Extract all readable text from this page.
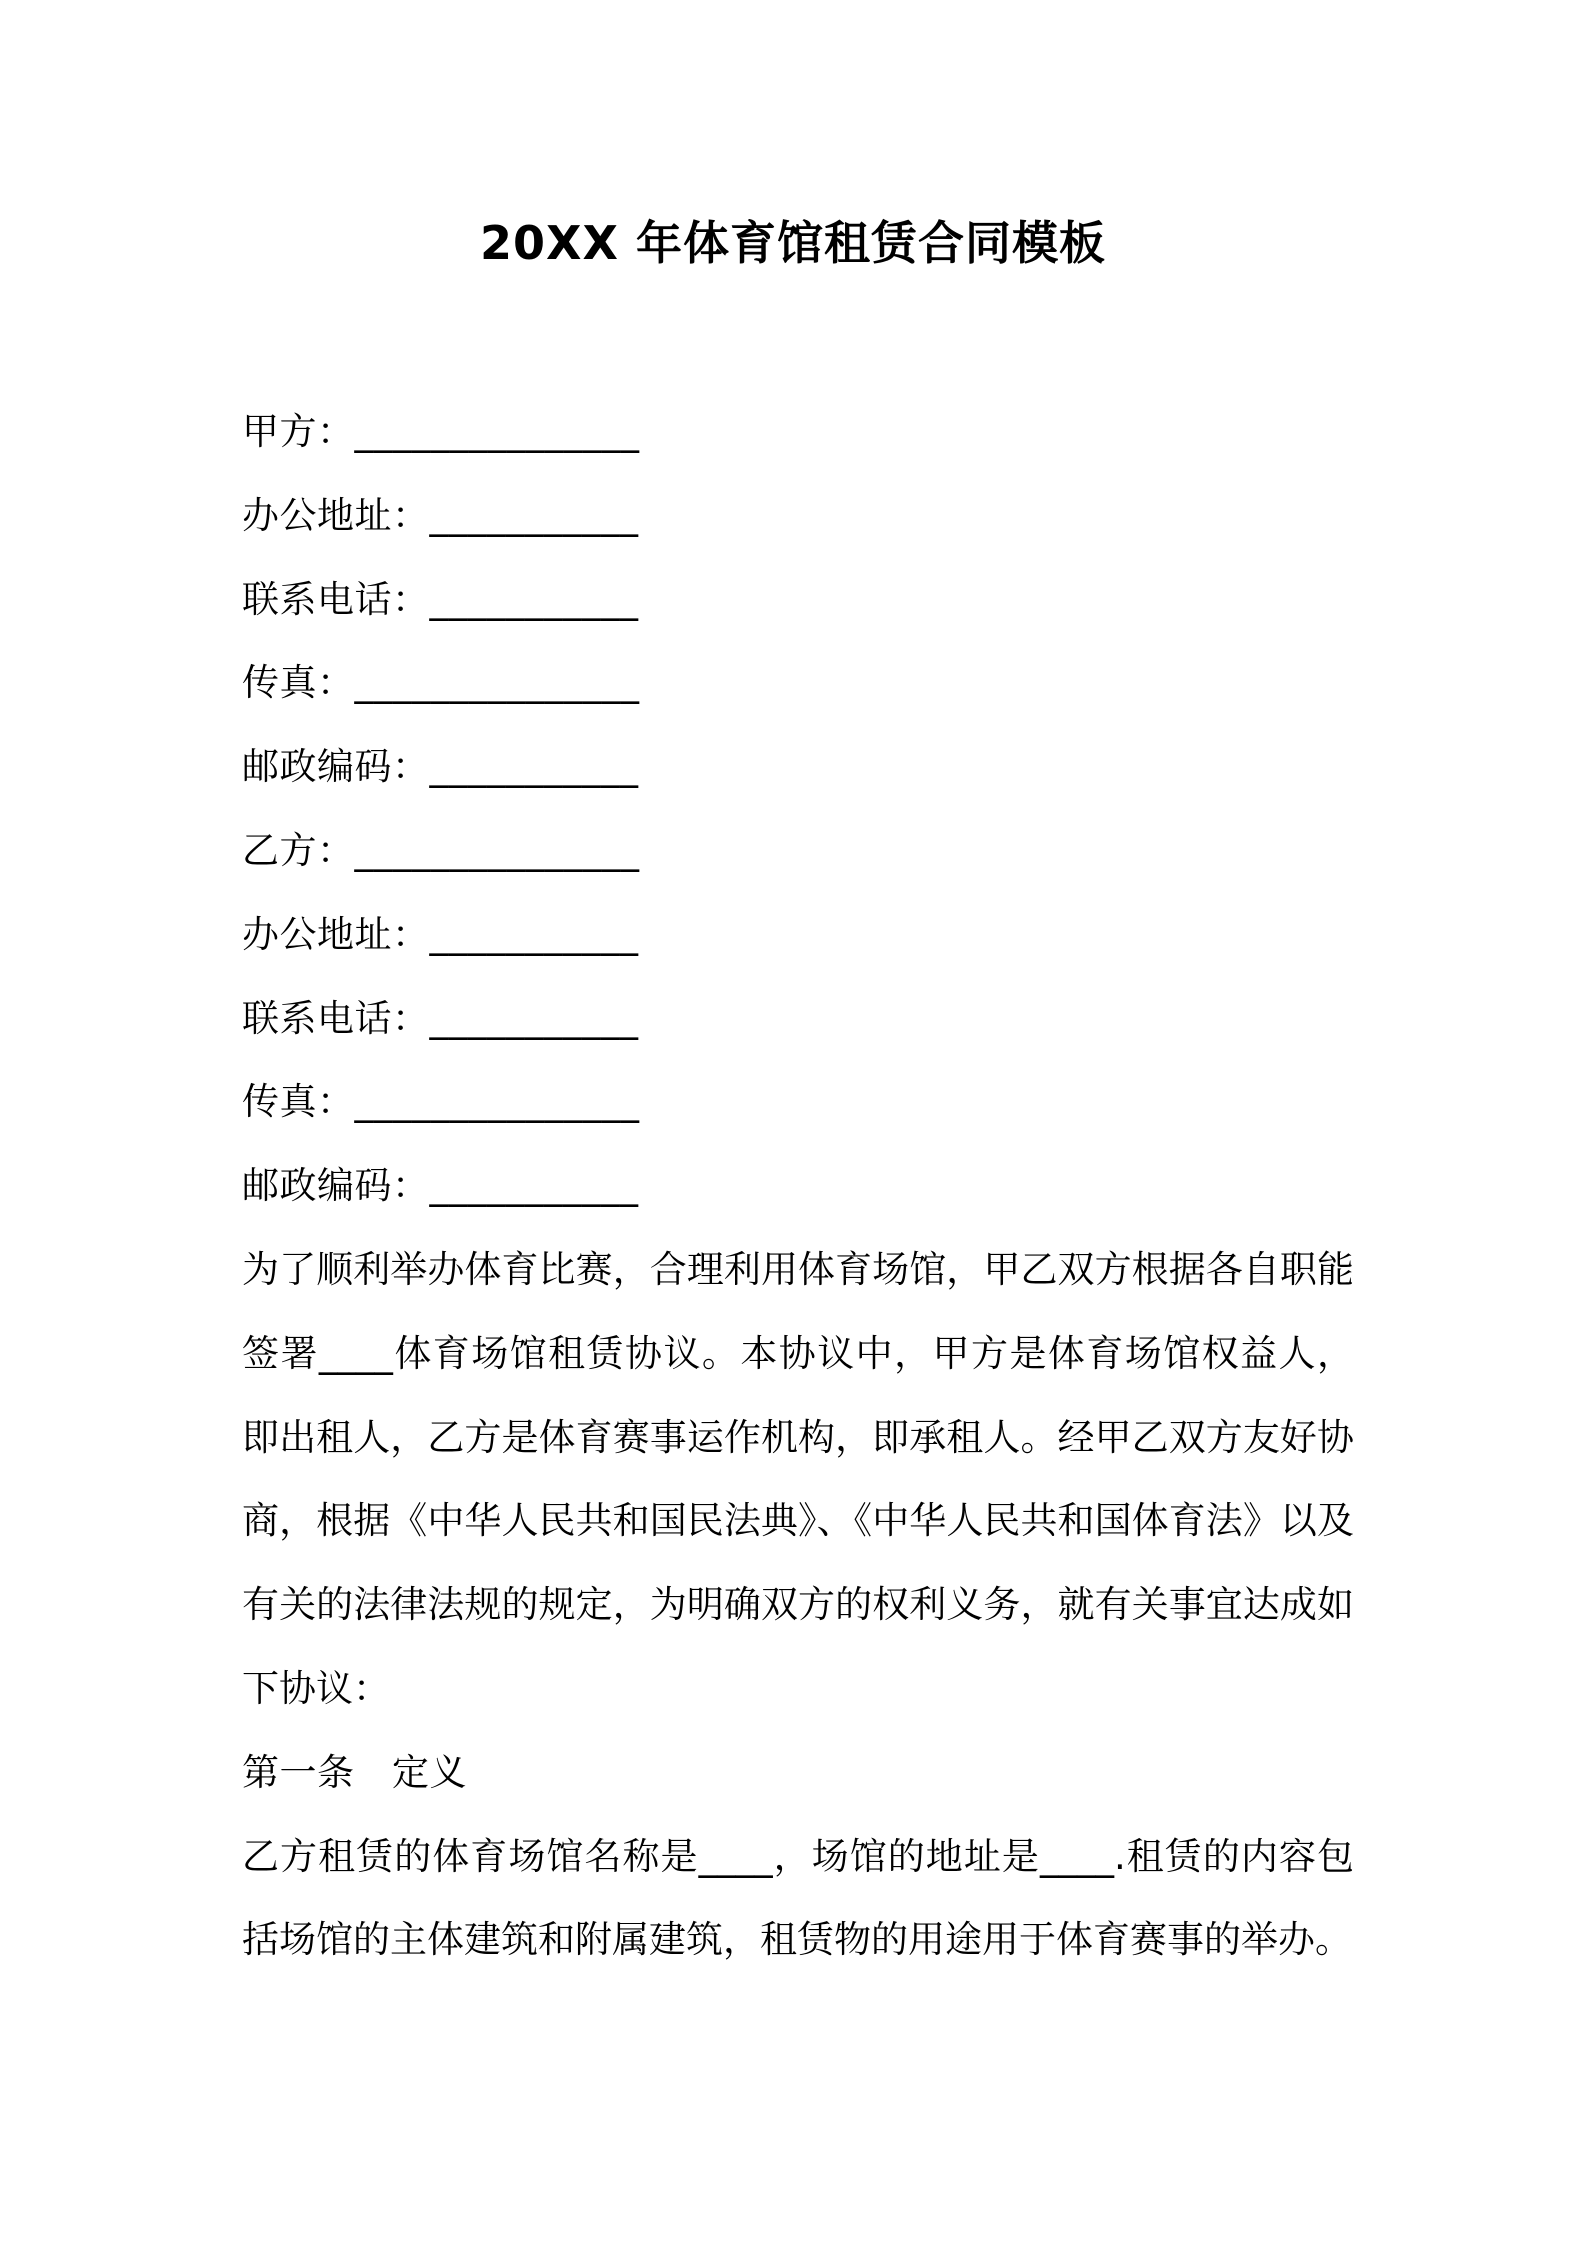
20XX 年体育馆租赁合同模板
甲方：_______________
办公地址：___________
联系电话：___________
传真：_______________
邮政编码：___________
乙方：_______________
办公地址：___________
联系电话：___________
传真：_______________
邮政编码：___________
为了顺利举办体育比赛，合理利用体育场馆，甲乙双方根据各自职能
签署____体育场馆租赁协议。本协议中，甲方是体育场馆权益人，
即出租人，乙方是体育赛事运作机构，即承租人。经甲乙双方友好协
商，根据《中华人民共和国民法典》、《中华人民共和国体育法》以及
有关的法律法规的规定，为明确双方的权利义务，就有关事宜达成如
下协议：
第一条　定义
乙方租赁的体育场馆名称是____，场馆的地址是____.租赁的内容包
括场馆的主体建筑和附属建筑，租赁物的用途用于体育赛事的举办。
